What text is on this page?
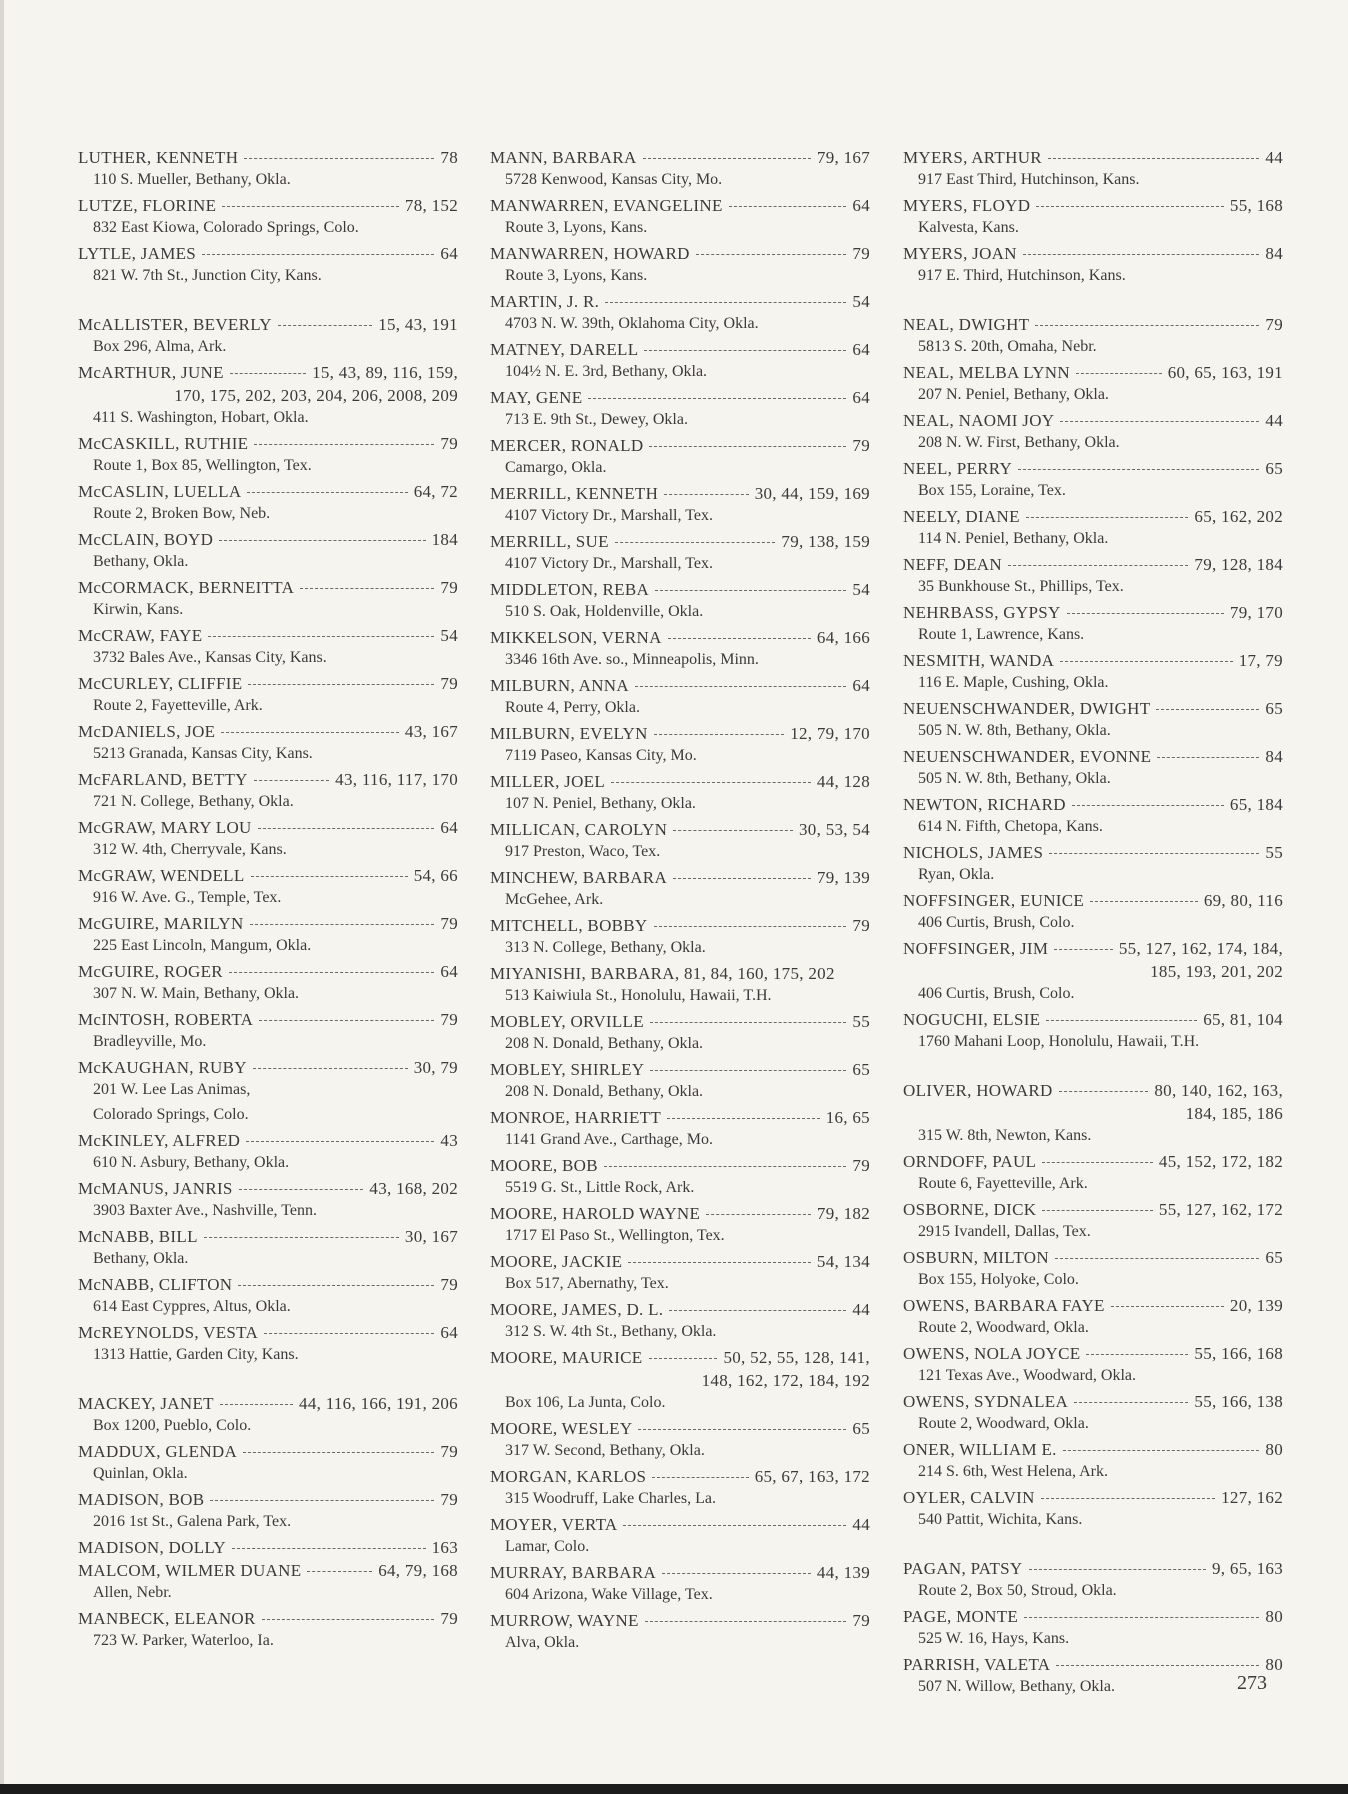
LUTHER, KENNETH	78
110 S. Mueller, Bethany, Okla.
LUTZE, FLORINE	78, 152
832 East Kiowa, Colorado Springs, Colo.
LYTLE, JAMES	64
821 W. 7th St., Junction City, Kans.
McALLISTER, BEVERLY	15, 43, 191
Box 296, Alma, Ark.
McARTHUR, JUNE	15, 43, 89, 116, 159,
170, 175, 202, 203, 204, 206, 2008, 209
411 S. Washington, Hobart, Okla.
McCASKILL, RUTHIE	79
Route 1, Box 85, Wellington, Tex.
McCASLIN, LUELLA	64, 72
Route 2, Broken Bow, Neb.
McCLAIN, BOYD	184
Bethany, Okla.
McCORMACK, BERNEITTA	79
Kirwin, Kans.
McCRAW, FAYE	54
3732 Bales Ave., Kansas City, Kans.
McCURLEY, CLIFFIE	79
Route 2, Fayetteville, Ark.
McDANIELS, JOE	43, 167
5213 Granada, Kansas City, Kans.
McFARLAND, BETTY	43, 116, 117, 170
721 N. College, Bethany, Okla.
McGRAW, MARY LOU	64
312 W. 4th, Cherryvale, Kans.
McGRAW, WENDELL	54, 66
916 W. Ave. G., Temple, Tex.
McGUIRE, MARILYN	79
225 East Lincoln, Mangum, Okla.
McGUIRE, ROGER	64
307 N. W. Main, Bethany, Okla.
McINTOSH, ROBERTA	79
Bradleyville, Mo.
McKAUGHAN, RUBY	30, 79
201 W. Lee Las Animas,
Colorado Springs, Colo.
McKINLEY, ALFRED	43
610 N. Asbury, Bethany, Okla.
McMANUS, JANRIS	43, 168, 202
3903 Baxter Ave., Nashville, Tenn.
McNABB, BILL	30, 167
Bethany, Okla.
McNABB, CLIFTON	79
614 East Cyppres, Altus, Okla.
McREYNOLDS, VESTA	64
1313 Hattie, Garden City, Kans.
MACKEY, JANET	44, 116, 166, 191, 206
Box 1200, Pueblo, Colo.
MADDUX, GLENDA	79
Quinlan, Okla.
MADISON, BOB	79
2016 1st St., Galena Park, Tex.
MADISON, DOLLY	163
MALCOM, WILMER DUANE	64, 79, 168
Allen, Nebr.
MANBECK, ELEANOR	79
723 W. Parker, Waterloo, Ia.
MANN, BARBARA	79, 167
5728 Kenwood, Kansas City, Mo.
MANWARREN, EVANGELINE	64
Route 3, Lyons, Kans.
MANWARREN, HOWARD	79
Route 3, Lyons, Kans.
MARTIN, J. R.	54
4703 N. W. 39th, Oklahoma City, Okla.
MATNEY, DARELL	64
104½ N. E. 3rd, Bethany, Okla.
MAY, GENE	64
713 E. 9th St., Dewey, Okla.
MERCER, RONALD	79
Camargo, Okla.
MERRILL, KENNETH	30, 44, 159, 169
4107 Victory Dr., Marshall, Tex.
MERRILL, SUE	79, 138, 159
4107 Victory Dr., Marshall, Tex.
MIDDLETON, REBA	54
510 S. Oak, Holdenville, Okla.
MIKKELSON, VERNA	64, 166
3346 16th Ave. so., Minneapolis, Minn.
MILBURN, ANNA	64
Route 4, Perry, Okla.
MILBURN, EVELYN	12, 79, 170
7119 Paseo, Kansas City, Mo.
MILLER, JOEL	44, 128
107 N. Peniel, Bethany, Okla.
MILLICAN, CAROLYN	30, 53, 54
917 Preston, Waco, Tex.
MINCHEW, BARBARA	79, 139
McGehee, Ark.
MITCHELL, BOBBY	79
313 N. College, Bethany, Okla.
MIYANISHI, BARBARA, 81, 84, 160, 175, 202
513 Kaiwiula St., Honolulu, Hawaii, T.H.
MOBLEY, ORVILLE	55
208 N. Donald, Bethany, Okla.
MOBLEY, SHIRLEY	65
208 N. Donald, Bethany, Okla.
MONROE, HARRIETT	16, 65
1141 Grand Ave., Carthage, Mo.
MOORE, BOB	79
5519 G. St., Little Rock, Ark.
MOORE, HAROLD WAYNE	79, 182
1717 El Paso St., Wellington, Tex.
MOORE, JACKIE	54, 134
Box 517, Abernathy, Tex.
MOORE, JAMES, D. L.	44
312 S. W. 4th St., Bethany, Okla.
MOORE, MAURICE	50, 52, 55, 128, 141,
148, 162, 172, 184, 192
Box 106, La Junta, Colo.
MOORE, WESLEY	65
317 W. Second, Bethany, Okla.
MORGAN, KARLOS	65, 67, 163, 172
315 Woodruff, Lake Charles, La.
MOYER, VERTA	44
Lamar, Colo.
MURRAY, BARBARA	44, 139
604 Arizona, Wake Village, Tex.
MURROW, WAYNE	79
Alva, Okla.
MYERS, ARTHUR	44
917 East Third, Hutchinson, Kans.
MYERS, FLOYD	55, 168
Kalvesta, Kans.
MYERS, JOAN	84
917 E. Third, Hutchinson, Kans.
NEAL, DWIGHT	79
5813 S. 20th, Omaha, Nebr.
NEAL, MELBA LYNN	60, 65, 163, 191
207 N. Peniel, Bethany, Okla.
NEAL, NAOMI JOY	44
208 N. W. First, Bethany, Okla.
NEEL, PERRY	65
Box 155, Loraine, Tex.
NEELY, DIANE	65, 162, 202
114 N. Peniel, Bethany, Okla.
NEFF, DEAN	79, 128, 184
35 Bunkhouse St., Phillips, Tex.
NEHRBASS, GYPSY	79, 170
Route 1, Lawrence, Kans.
NESMITH, WANDA	17, 79
116 E. Maple, Cushing, Okla.
NEUENSCHWANDER, DWIGHT	65
505 N. W. 8th, Bethany, Okla.
NEUENSCHWANDER, EVONNE	84
505 N. W. 8th, Bethany, Okla.
NEWTON, RICHARD	65, 184
614 N. Fifth, Chetopa, Kans.
NICHOLS, JAMES	55
Ryan, Okla.
NOFFSINGER, EUNICE	69, 80, 116
406 Curtis, Brush, Colo.
NOFFSINGER, JIM	55, 127, 162, 174, 184,
185, 193, 201, 202
406 Curtis, Brush, Colo.
NOGUCHI, ELSIE	65, 81, 104
1760 Mahani Loop, Honolulu, Hawaii, T.H.
OLIVER, HOWARD	80, 140, 162, 163,
184, 185, 186
315 W. 8th, Newton, Kans.
ORNDOFF, PAUL	45, 152, 172, 182
Route 6, Fayetteville, Ark.
OSBORNE, DICK	55, 127, 162, 172
2915 Ivandell, Dallas, Tex.
OSBURN, MILTON	65
Box 155, Holyoke, Colo.
OWENS, BARBARA FAYE	20, 139
Route 2, Woodward, Okla.
OWENS, NOLA JOYCE	55, 166, 168
121 Texas Ave., Woodward, Okla.
OWENS, SYDNALEA	55, 166, 138
Route 2, Woodward, Okla.
ONER, WILLIAM E.	80
214 S. 6th, West Helena, Ark.
OYLER, CALVIN	127, 162
540 Pattit, Wichita, Kans.
PAGAN, PATSY	9, 65, 163
Route 2, Box 50, Stroud, Okla.
PAGE, MONTE	80
525 W. 16, Hays, Kans.
PARRISH, VALETA	80
507 N. Willow, Bethany, Okla.	273
